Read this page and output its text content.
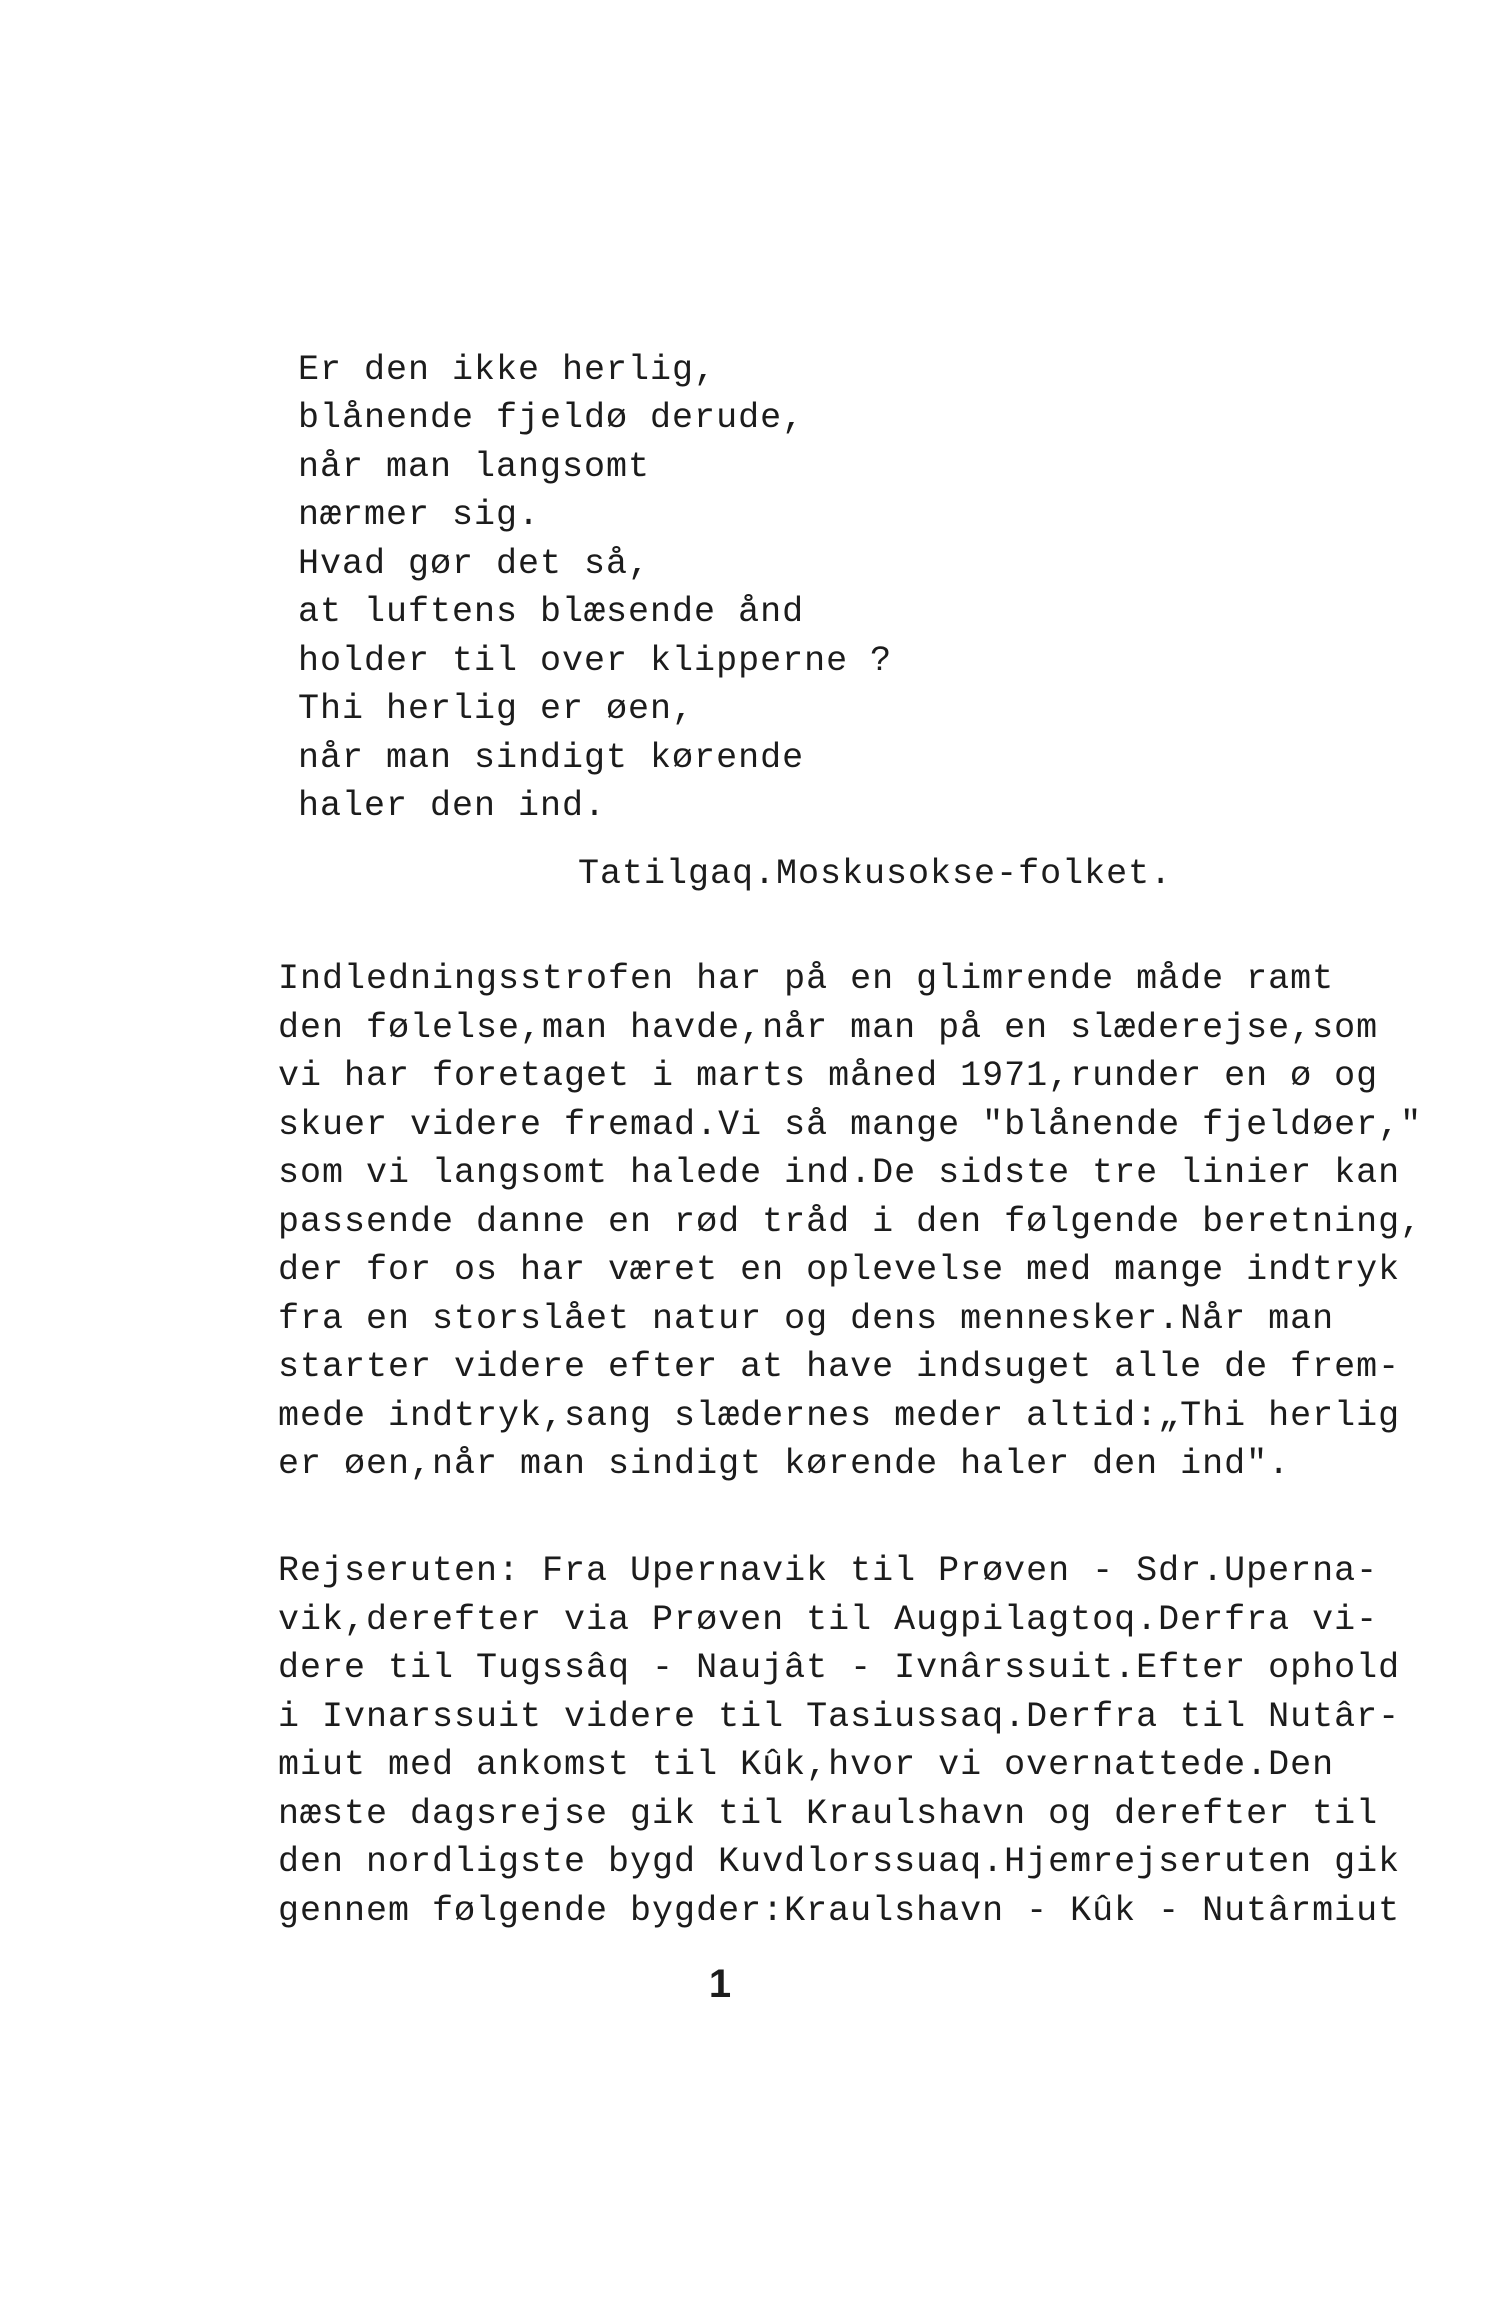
Er den ikke herlig,
blånende fjeldø derude,
når man langsomt
nærmer sig.
Hvad gør det så,
at luftens blæsende ånd
holder til over klipperne ?
Thi herlig er øen,
når man sindigt kørende
haler den ind.
Tatilgaq.Moskusokse-folket.
Indledningsstrofen har på en glimrende måde ramt
den følelse,man havde,når man på en slæderejse,som
vi har foretaget i marts måned 1971,runder en ø og
skuer videre fremad.Vi så mange "blånende fjeldøer,"
som vi langsomt halede ind.De sidste tre linier kan
passende danne en rød tråd i den følgende beretning,
der for os har været en oplevelse med mange indtryk
fra en storslået natur og dens mennesker.Når man
starter videre efter at have indsuget alle de frem-
mede indtryk,sang slædernes meder altid:„Thi herlig
er øen,når man sindigt kørende haler den ind".
Rejseruten: Fra Upernavik til Prøven - Sdr.Uperna-
vik,derefter via Prøven til Augpilagtoq.Derfra vi-
dere til Tugssâq - Naujât - Ivnârssuit.Efter ophold
i Ivnarssuit videre til Tasiussaq.Derfra til Nutâr-
miut med ankomst til Kûk,hvor vi overnattede.Den
næste dagsrejse gik til Kraulshavn og derefter til
den nordligste bygd Kuvdlorssuaq.Hjemrejseruten gik
gennem følgende bygder:Kraulshavn - Kûk - Nutârmiut
1
